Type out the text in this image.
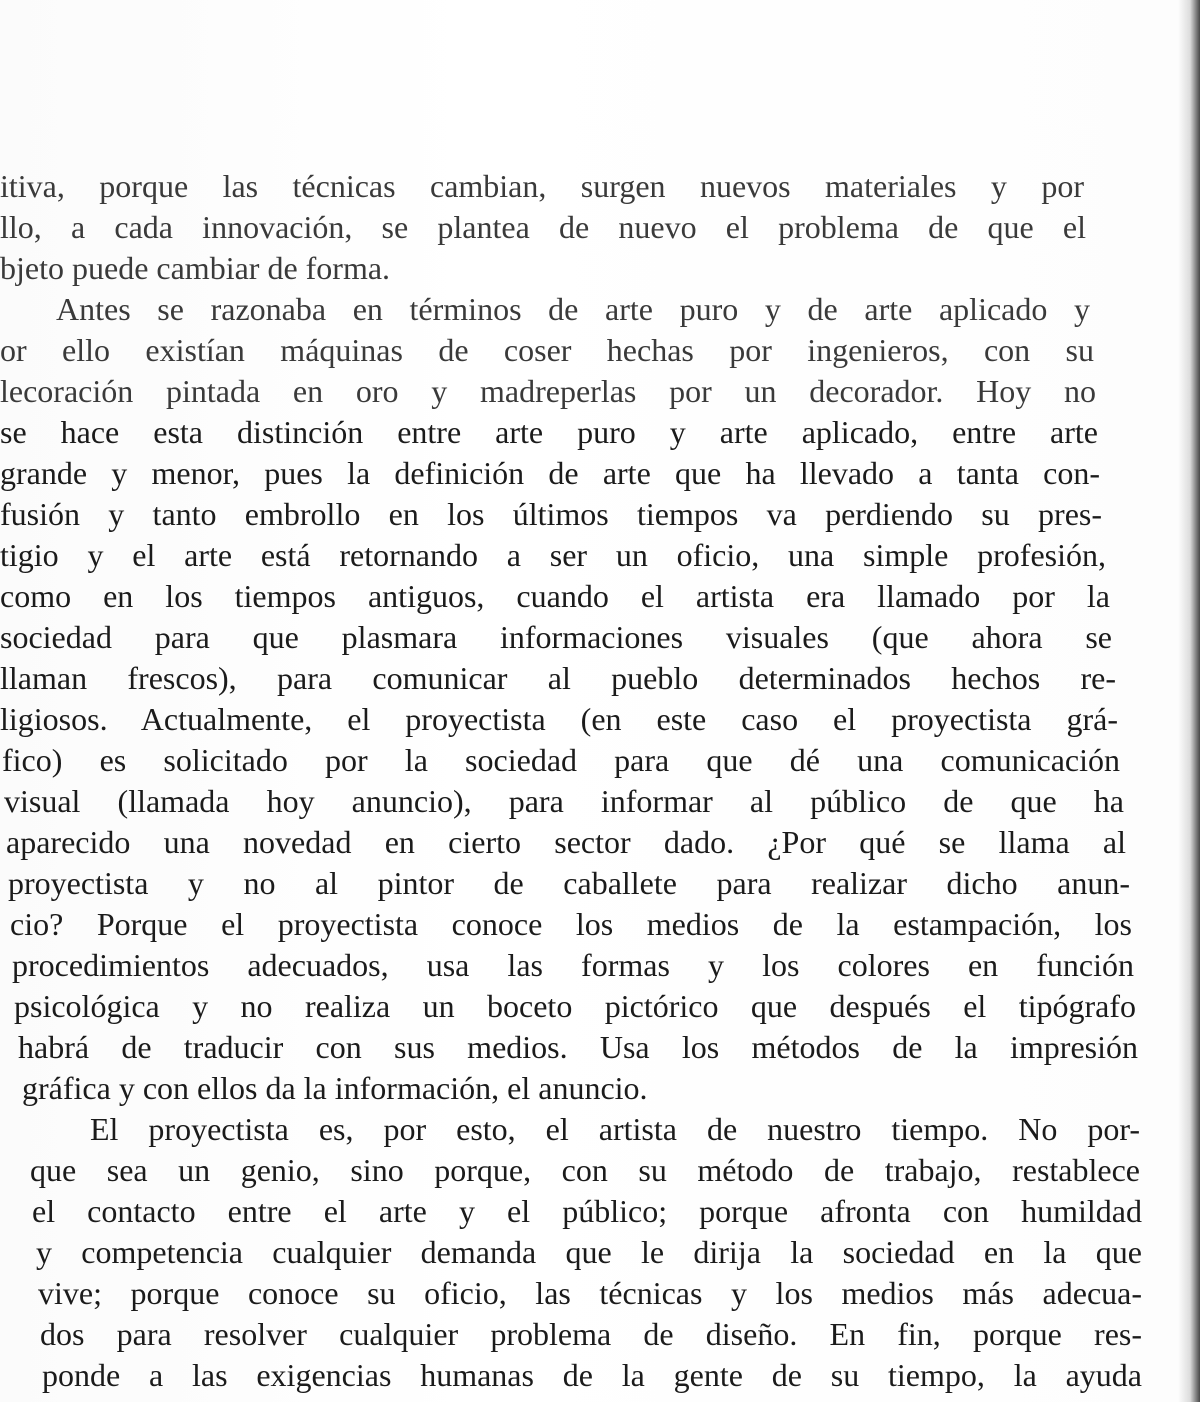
itiva, porque las técnicas cambian, surgen nuevos materiales y por
llo, a cada innovación, se plantea de nuevo el problema de que el
bjeto puede cambiar de forma.
Antes se razonaba en términos de arte puro y de arte aplicado y
or ello existían máquinas de coser hechas por ingenieros, con su
lecoración pintada en oro y madreperlas por un decorador. Hoy no
se hace esta distinción entre arte puro y arte aplicado, entre arte
grande y menor, pues la definición de arte que ha llevado a tanta con-
fusión y tanto embrollo en los últimos tiempos va perdiendo su pres-
tigio y el arte está retornando a ser un oficio, una simple profesión,
como en los tiempos antiguos, cuando el artista era llamado por la
sociedad para que plasmara informaciones visuales (que ahora se
llaman frescos), para comunicar al pueblo determinados hechos re-
ligiosos. Actualmente, el proyectista (en este caso el proyectista grá-
fico) es solicitado por la sociedad para que dé una comunicación
visual (llamada hoy anuncio), para informar al público de que ha
aparecido una novedad en cierto sector dado. ¿Por qué se llama al
proyectista y no al pintor de caballete para realizar dicho anun-
cio? Porque el proyectista conoce los medios de la estampación, los
procedimientos adecuados, usa las formas y los colores en función
psicológica y no realiza un boceto pictórico que después el tipógrafo
habrá de traducir con sus medios. Usa los métodos de la impresión
gráfica y con ellos da la información, el anuncio.
El proyectista es, por esto, el artista de nuestro tiempo. No por-
que sea un genio, sino porque, con su método de trabajo, restablece
el contacto entre el arte y el público; porque afronta con humildad
y competencia cualquier demanda que le dirija la sociedad en la que
vive; porque conoce su oficio, las técnicas y los medios más adecua-
dos para resolver cualquier problema de diseño. En fin, porque res-
ponde a las exigencias humanas de la gente de su tiempo, la ayuda
